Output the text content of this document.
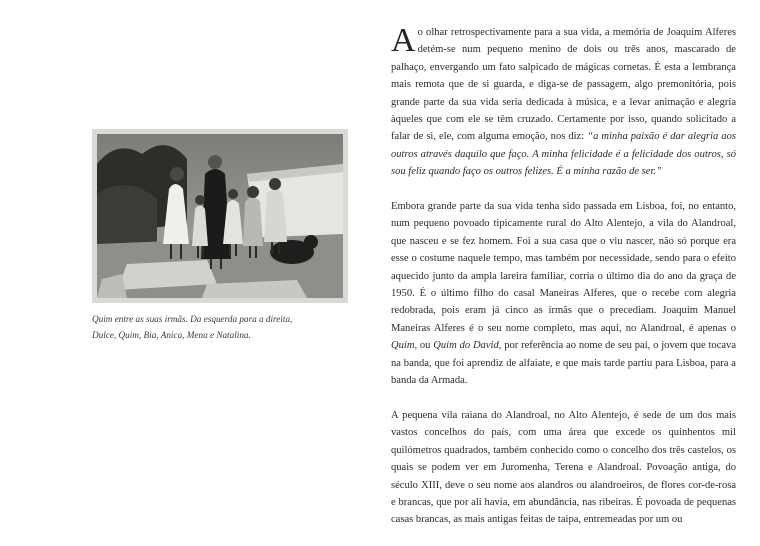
Quim entre as suas irmãs. Da esquerda para a direita,
Dulce, Quim, Bia, Anica, Mena e Natalina.

Ao olhar retrospectivamente para a sua vida, a memória de Joaquim Alferes detém-se num pequeno menino de dois ou três anos, mascarado de palhaço, envergando um fato salpicado de mágicas cornetas. É esta a lembrança mais remota que de si guarda, e diga-se de passagem, algo premonitória, pois grande parte da sua vida seria dedicada à música, e a levar animação e alegria àqueles que com ele se têm cruzado. Certamente por isso, quando solicitado a falar de si, ele, com alguma emoção, nos diz: “a minha paixão é dar alegria aos outros através daquilo que faço. A minha felicidade é a felicidade dos outros, só sou feliz quando faço os outros felizes. É a minha razão de ser.”

Embora grande parte da sua vida tenha sido passada em Lisboa, foi, no entanto, num pequeno povoado tipicamente rural do Alto Alentejo, a vila do Alandroal, que nasceu e se fez homem. Foi a sua casa que o viu nascer, não só porque era esse o costume naquele tempo, mas também por necessidade, sendo para o efeito aquecido junto da ampla lareira familiar, corria o último dia do ano da graça de 1950. É o último filho do casal Maneiras Alferes, que o recebe com alegria redobrada, pois eram já cinco as irmãs que o precediam. Joaquim Manuel Maneiras Alferes é o seu nome completo, mas aqui, no Alandroal, é apenas o Quim, ou Quim do David, por referência ao nome de seu pai, o jovem que tocava na banda, que foi aprendiz de alfaiate, e que mais tarde partiu para Lisboa, para a banda da Armada.

A pequena vila raiana do Alandroal, no Alto Alentejo, é sede de um dos mais vastos concelhos do país, com uma área que excede os quinhentos mil quilómetros quadrados, também conhecido como o concelho dos três castelos, os quais se podem ver em Juromenha, Terena e Alandroal. Povoação antiga, do século XIII, deve o seu nome aos alandros ou alandroeiros, de flores cor-de-rosa e brancas, que por ali havia, em abundância, nas ribeiras. É povoada de pequenas casas brancas, as mais antigas feitas de taipa, entremeadas por um ou
